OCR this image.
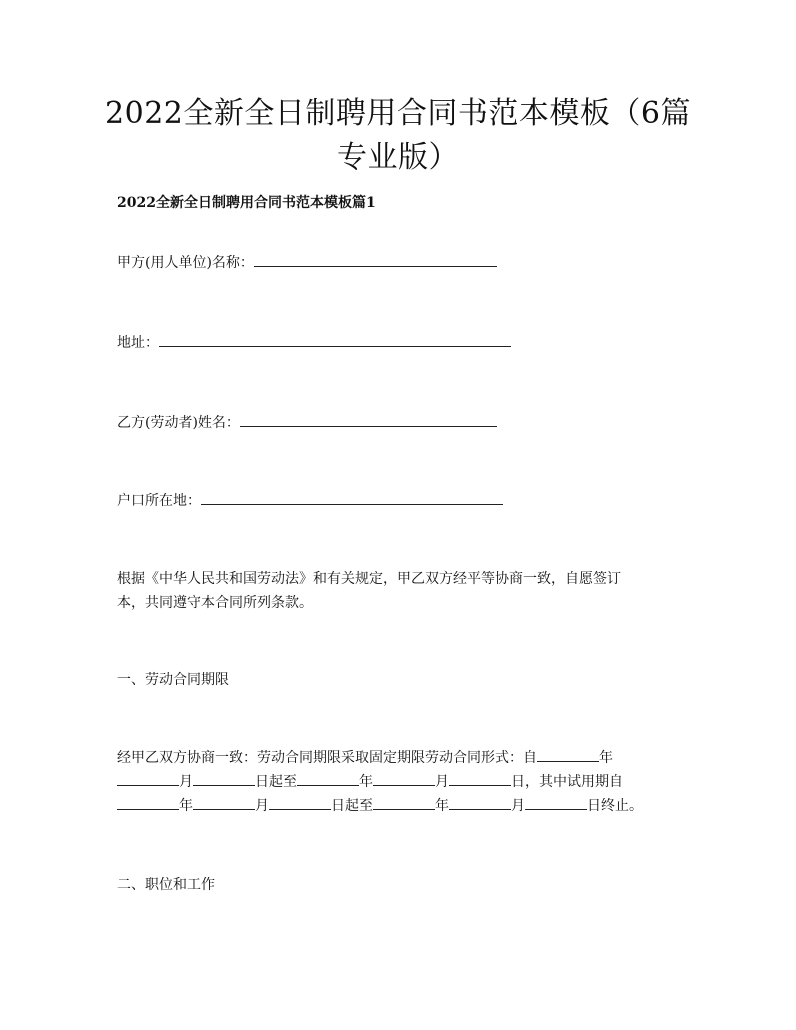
2022全新全日制聘用合同书范本模板（6篇
专业版）
2022全新全日制聘用合同书范本模板篇1
甲方(用人单位)名称：
地址：
乙方(劳动者)姓名：
户口所在地：
根据《中华人民共和国劳动法》和有关规定，甲乙双方经平等协商一致，自愿签订
本，共同遵守本合同所列条款。
一、劳动合同期限
经甲乙双方协商一致：劳动合同期限采取固定期限劳动合同形式：自	年
月	日起至	年	月	日，其中试用期自
年	月	日起至	年	月	日终止。
二、职位和工作
